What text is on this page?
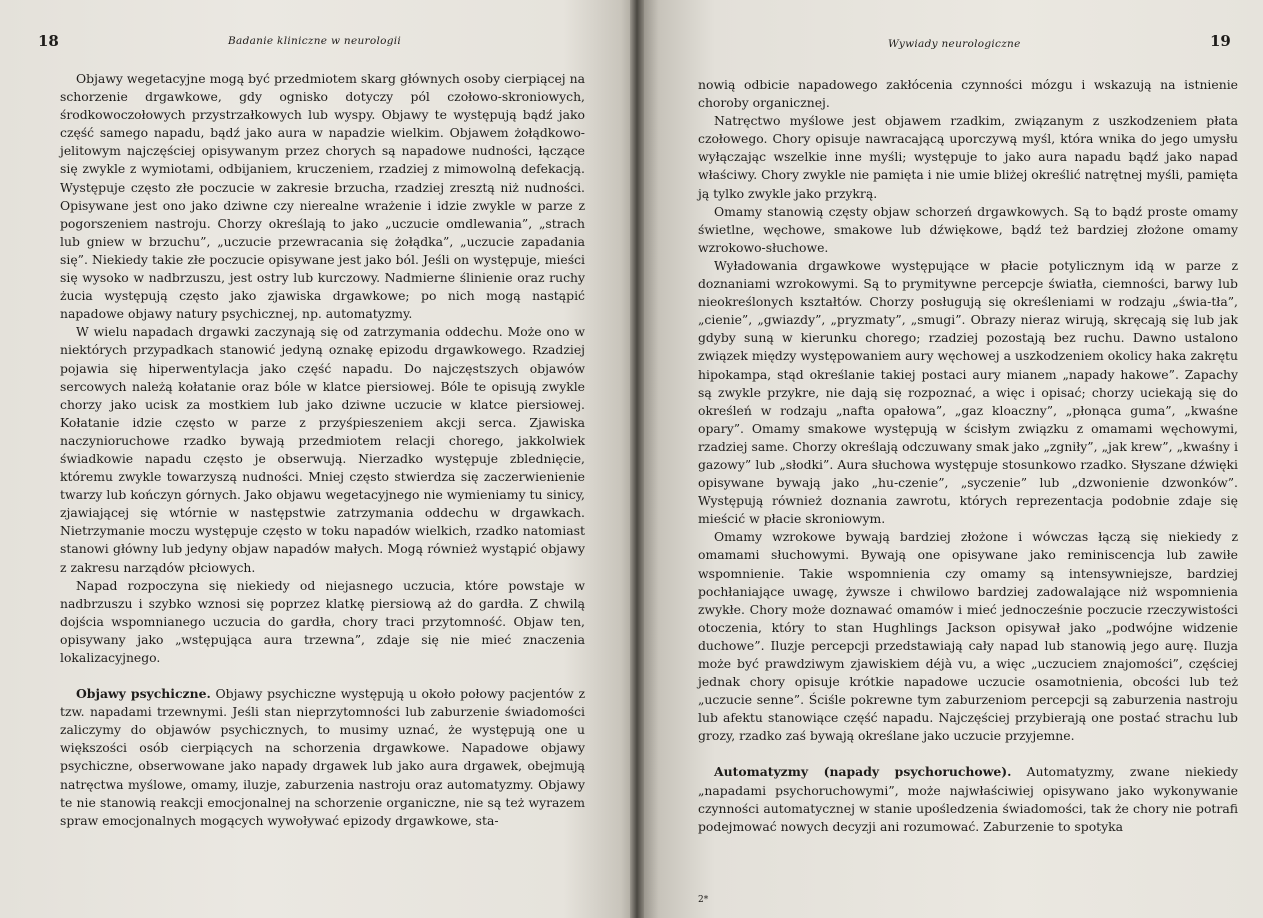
18	Badanie kliniczne w neurologii

Objawy wegetacyjne mogą być przedmiotem skarg głównych osoby cierpiącej na schorzenie drgawkowe, gdy ognisko dotyczy pól czołowo-skroniowych, środkowoczołowych przystrzałkowych lub wyspy. Objawy te występują bądź jako część samego napadu, bądź jako aura w napadzie wielkim. Objawem żołądkowo-jelitowym najczęściej opisywanym przez chorych są napadowe nudności, łączące się zwykle z wymiotami, odbijaniem, kruczeniem, rzadziej z mimowolną defekacją. Występuje często złe poczucie w zakresie brzucha, rzadziej zresztą niż nudności. Opisywane jest ono jako dziwne czy nierealne wrażenie i idzie zwykle w parze z pogorszeniem nastroju. Chorzy określają to jako „uczucie omdlewania”, „strach lub gniew w brzuchu”, „uczucie przewracania się żołądka”, „uczucie zapadania się”. Niekiedy takie złe poczucie opisywane jest jako ból. Jeśli on występuje, mieści się wysoko w nadbrzuszu, jest ostry lub kurczowy. Nadmierne ślinienie oraz ruchy żucia występują często jako zjawiska drgawkowe; po nich mogą nastąpić napadowe objawy natury psychicznej, np. automatyzmy.

W wielu napadach drgawki zaczynają się od zatrzymania oddechu. Może ono w niektórych przypadkach stanowić jedyną oznakę epizodu drgawkowego. Rzadziej pojawia się hiperwentylacja jako część napadu. Do najczęstszych objawów sercowych należą kołatanie oraz bóle w klatce piersiowej. Bóle te opisują zwykle chorzy jako ucisk za mostkiem lub jako dziwne uczucie w klatce piersiowej. Kołatanie idzie często w parze z przyśpieszeniem akcji serca. Zjawiska naczynioruchowe rzadko bywają przedmiotem relacji chorego, jakkolwiek świadkowie napadu często je obserwują. Nierzadko występuje zblednięcie, któremu zwykle towarzyszą nudności. Mniej często stwierdza się zaczerwienienie twarzy lub kończyn górnych. Jako objawu wegetacyjnego nie wymieniamy tu sinicy, zjawiającej się wtórnie w następstwie zatrzymania oddechu w drgawkach. Nietrzymanie moczu występuje często w toku napadów wielkich, rzadko natomiast stanowi główny lub jedyny objaw napadów małych. Mogą również wystąpić objawy z zakresu narządów płciowych.

Napad rozpoczyna się niekiedy od niejasnego uczucia, które powstaje w nadbrzuszu i szybko wznosi się poprzez klatkę piersiową aż do gardła. Z chwilą dojścia wspomnianego uczucia do gardła, chory traci przytomność. Objaw ten, opisywany jako „wstępująca aura trzewna”, zdaje się nie mieć znaczenia lokalizacyjnego.

Objawy psychiczne. Objawy psychiczne występują u około połowy pacjentów z tzw. napadami trzewnymi. Jeśli stan nieprzytomności lub zaburzenie świadomości zaliczymy do objawów psychicznych, to musimy uznać, że występują one u większości osób cierpiących na schorzenia drgawkowe. Napadowe objawy psychiczne, obserwowane jako napady drgawek lub jako aura drgawek, obejmują natręctwa myślowe, omamy, iluzje, zaburzenia nastroju oraz automatyzmy. Objawy te nie stanowią reakcji emocjonalnej na schorzenie organiczne, nie są też wyrazem spraw emocjonalnych mogących wywoływać epizody drgawkowe, sta-

Wywiady neurologiczne	19

nowią odbicie napadowego zakłócenia czynności mózgu i wskazują na istnienie choroby organicznej.

Natręctwo myślowe jest objawem rzadkim, związanym z uszkodzeniem płata czołowego. Chory opisuje nawracającą uporczywą myśl, która wnika do jego umysłu wyłączając wszelkie inne myśli; występuje to jako aura napadu bądź jako napad właściwy. Chory zwykle nie pamięta i nie umie bliżej określić natrętnej myśli, pamięta ją tylko zwykle jako przykrą.

Omamy stanowią częsty objaw schorzeń drgawkowych. Są to bądź proste omamy świetlne, węchowe, smakowe lub dźwiękowe, bądź też bardziej złożone omamy wzrokowo-słuchowe.

Wyładowania drgawkowe występujące w płacie potylicznym idą w parze z doznaniami wzrokowymi. Są to prymitywne percepcje światła, ciemności, barwy lub nieokreślonych kształtów. Chorzy posługują się określeniami w rodzaju „świa-tła”, „cienie”, „gwiazdy”, „pryzmaty”, „smugi”. Obrazy nieraz wirują, skręcają się lub jak gdyby suną w kierunku chorego; rzadziej pozostają bez ruchu. Dawno ustalono związek między występowaniem aury węchowej a uszkodzeniem okolicy haka zakrętu hipokampa, stąd określanie takiej postaci aury mianem „napady hakowe”. Zapachy są zwykle przykre, nie dają się rozpoznać, a więc i opisać; chorzy uciekają się do określeń w rodzaju „nafta opałowa”, „gaz kloaczny”, „płonąca guma”, „kwaśne opary”. Omamy smakowe występują w ścisłym związku z omamami węchowymi, rzadziej same. Chorzy określają odczuwany smak jako „zgniły”, „jak krew”, „kwaśny i gazowy” lub „słodki”. Aura słuchowa występuje stosunkowo rzadko. Słyszane dźwięki opisywane bywają jako „hu-czenie”, „syczenie” lub „dzwonienie dzwonków”. Występują również doznania zawrotu, których reprezentacja podobnie zdaje się mieścić w płacie skroniowym.

Omamy wzrokowe bywają bardziej złożone i wówczas łączą się niekiedy z omamami słuchowymi. Bywają one opisywane jako reminiscencja lub zawiłe wspomnienie. Takie wspomnienia czy omamy są intensywniejsze, bardziej pochłaniające uwagę, żywsze i chwilowo bardziej zadowalające niż wspomnienia zwykłe. Chory może doznawać omamów i mieć jednocześnie poczucie rzeczywistości otoczenia, który to stan Hughlings Jackson opisywał jako „podwójne widzenie duchowe”. Iluzje percepcji przedstawiają cały napad lub stanowią jego aurę. Iluzja może być prawdziwym zjawiskiem déjà vu, a więc „uczuciem znajomości”, częściej jednak chory opisuje krótkie napadowe uczucie osamotnienia, obcości lub też „uczucie senne”. Ściśle pokrewne tym zaburzeniom percepcji są zaburzenia nastroju lub afektu stanowiące część napadu. Najczęściej przybierają one postać strachu lub grozy, rzadko zaś bywają określane jako uczucie przyjemne.

Automatyzmy (napady psychoruchowe). Automatyzmy, zwane niekiedy „napadami psychoruchowymi”, może najwłaściwiej opisywano jako wykonywanie czynności automatycznej w stanie upośledzenia świadomości, tak że chory nie potrafi podejmować nowych decyzji ani rozumować. Zaburzenie to spotyka

2*
